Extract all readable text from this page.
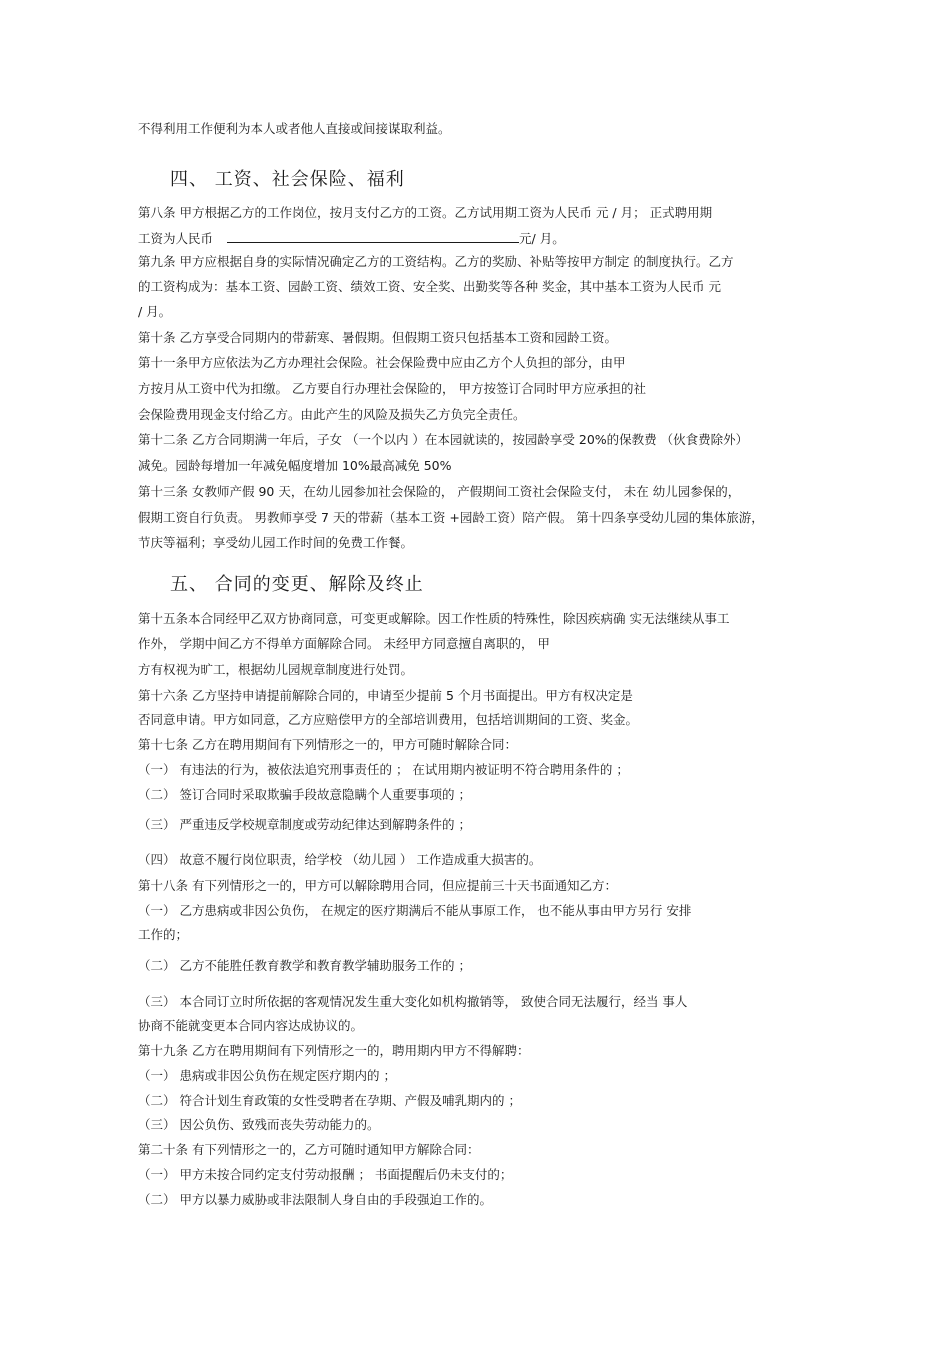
不得利用工作便利为本人或者他人直接或间接谋取利益。
四、 工资、社会保险、福利
第八条 甲方根据乙方的工作岗位，按月支付乙方的工资。乙方试用期工资为人民币 元 / 月； 正式聘用期
工资为人民币	元/ 月。
第九条 甲方应根据自身的实际情况确定乙方的工资结构。乙方的奖励、补贴等按甲方制定 的制度执行。乙方
的工资构成为：基本工资、园龄工资、绩效工资、安全奖、出勤奖等各种 奖金，其中基本工资为人民币 元
/ 月。
第十条 乙方享受合同期内的带薪寒、暑假期。但假期工资只包括基本工资和园龄工资。
第十一条甲方应依法为乙方办理社会保险。社会保险费中应由乙方个人负担的部分，由甲
方按月从工资中代为扣缴。 乙方要自行办理社会保险的， 甲方按签订合同时甲方应承担的社
会保险费用现金支付给乙方。由此产生的风险及损失乙方负完全责任。
第十二条 乙方合同期满一年后，子女 （一个以内 ）在本园就读的，按园龄享受 20%的保教费 （伙食费除外）
减免。园龄每增加一年减免幅度增加 10%最高减免 50%
第十三条 女教师产假 90 天，在幼儿园参加社会保险的， 产假期间工资社会保险支付， 未在 幼儿园参保的，
假期工资自行负责。 男教师享受 7 天的带薪（基本工资 +园龄工资）陪产假。 第十四条享受幼儿园的集体旅游，
节庆等福利；享受幼儿园工作时间的免费工作餐。
五、 合同的变更、解除及终止
第十五条本合同经甲乙双方协商同意，可变更或解除。因工作性质的特殊性，除因疾病确 实无法继续从事工
作外， 学期中间乙方不得单方面解除合同。 未经甲方同意擅自离职的， 甲
方有权视为旷工，根据幼儿园规章制度进行处罚。
第十六条 乙方坚持申请提前解除合同的，申请至少提前 5 个月书面提出。甲方有权决定是
否同意申请。甲方如同意，乙方应赔偿甲方的全部培训费用，包括培训期间的工资、奖金。
第十七条 乙方在聘用期间有下列情形之一的，甲方可随时解除合同：
（一） 有违法的行为，被依法追究刑事责任的 ； 在试用期内被证明不符合聘用条件的 ；
（二） 签订合同时采取欺骗手段故意隐瞒个人重要事项的 ；
（三） 严重违反学校规章制度或劳动纪律达到解聘条件的 ；
（四） 故意不履行岗位职责，给学校 （幼儿园 ） 工作造成重大损害的。
第十八条 有下列情形之一的，甲方可以解除聘用合同，但应提前三十天书面通知乙方：
（一） 乙方患病或非因公负伤， 在规定的医疗期满后不能从事原工作， 也不能从事由甲方另行 安排
工作的；
（二） 乙方不能胜任教育教学和教育教学辅助服务工作的 ；
（三） 本合同订立时所依据的客观情况发生重大变化如机构撤销等， 致使合同无法履行，经当 事人
协商不能就变更本合同内容达成协议的。
第十九条 乙方在聘用期间有下列情形之一的，聘用期内甲方不得解聘：
（一） 患病或非因公负伤在规定医疗期内的 ；
（二） 符合计划生育政策的女性受聘者在孕期、产假及哺乳期内的 ；
（三） 因公负伤、致残而丧失劳动能力的。
第二十条 有下列情形之一的，乙方可随时通知甲方解除合同：
（一） 甲方未按合同约定支付劳动报酬 ； 书面提醒后仍未支付的；
（二） 甲方以暴力威胁或非法限制人身自由的手段强迫工作的。
